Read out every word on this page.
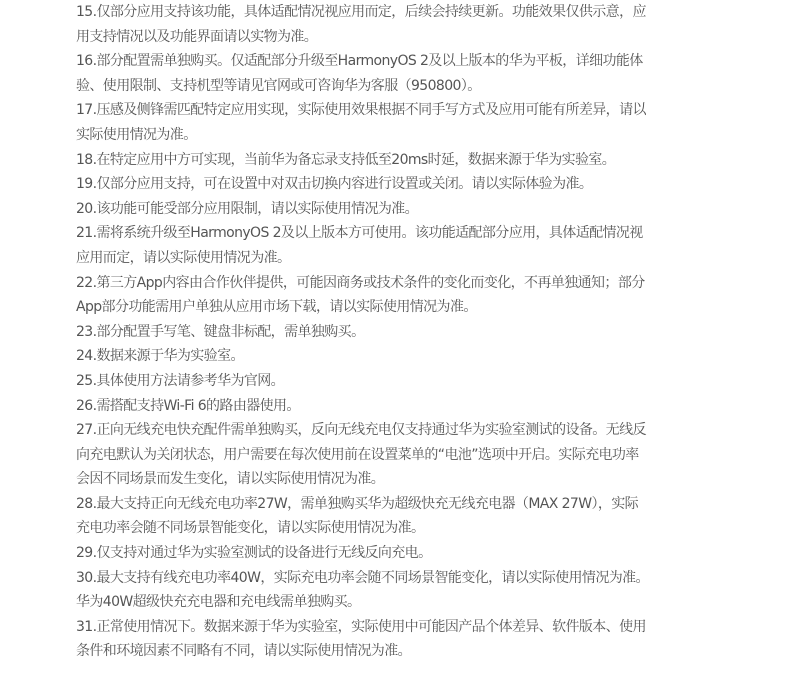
15.仅部分应用支持该功能，具体适配情况视应用而定，后续会持续更新。功能效果仅供示意，应
用支持情况以及功能界面请以实物为准。
16.部分配置需单独购买。仅适配部分升级至HarmonyOS 2及以上版本的华为平板，详细功能体
验、使用限制、支持机型等请见官网或可咨询华为客服（950800）。
17.压感及侧锋需匹配特定应用实现，实际使用效果根据不同手写方式及应用可能有所差异，请以
实际使用情况为准。
18.在特定应用中方可实现，当前华为备忘录支持低至20ms时延，数据来源于华为实验室。
19.仅部分应用支持，可在设置中对双击切换内容进行设置或关闭。请以实际体验为准。
20.该功能可能受部分应用限制，请以实际使用情况为准。
21.需将系统升级至HarmonyOS 2及以上版本方可使用。该功能适配部分应用，具体适配情况视
应用而定，请以实际使用情况为准。
22.第三方App内容由合作伙伴提供，可能因商务或技术条件的变化而变化，不再单独通知；部分
App部分功能需用户单独从应用市场下载，请以实际使用情况为准。
23.部分配置手写笔、键盘非标配，需单独购买。
24.数据来源于华为实验室。
25.具体使用方法请参考华为官网。
26.需搭配支持Wi-Fi 6的路由器使用。
27.正向无线充电快充配件需单独购买，反向无线充电仅支持通过华为实验室测试的设备。无线反
向充电默认为关闭状态，用户需要在每次使用前在设置菜单的“电池”选项中开启。实际充电功率
会因不同场景而发生变化，请以实际使用情况为准。
28.最大支持正向无线充电功率27W，需单独购买华为超级快充无线充电器（MAX 27W），实际
充电功率会随不同场景智能变化，请以实际使用情况为准。
29.仅支持对通过华为实验室测试的设备进行无线反向充电。
30.最大支持有线充电功率40W，实际充电功率会随不同场景智能变化，请以实际使用情况为准。
华为40W超级快充充电器和充电线需单独购买。
31.正常使用情况下。数据来源于华为实验室，实际使用中可能因产品个体差异、软件版本、使用
条件和环境因素不同略有不同，请以实际使用情况为准。
